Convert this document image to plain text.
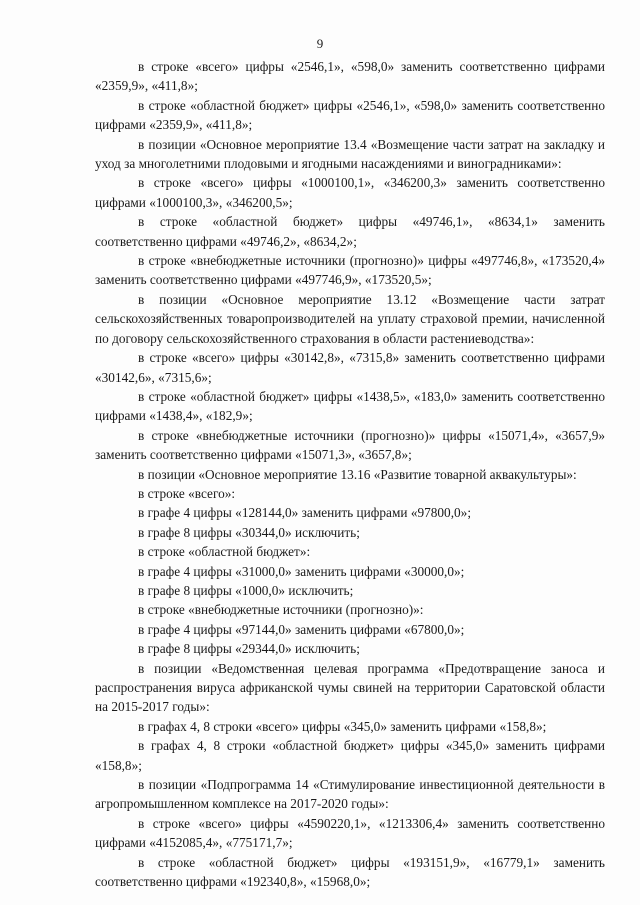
9

в строке «всего» цифры «2546,1», «598,0» заменить соответственно цифрами «2359,9», «411,8»;

в строке «областной бюджет» цифры «2546,1», «598,0» заменить соответственно цифрами «2359,9», «411,8»;

в позиции «Основное мероприятие 13.4 «Возмещение части затрат на закладку и уход за многолетними плодовыми и ягодными насаждениями и виноградниками»:

в строке «всего» цифры «1000100,1», «346200,3» заменить соответственно цифрами «1000100,3», «346200,5»;

в строке «областной бюджет» цифры «49746,1», «8634,1» заменить соответственно цифрами «49746,2», «8634,2»;

в строке «внебюджетные источники (прогнозно)» цифры «497746,8», «173520,4» заменить соответственно цифрами «497746,9», «173520,5»;

в позиции «Основное мероприятие 13.12 «Возмещение части затрат сельскохозяйственных товаропроизводителей на уплату страховой премии, начисленной по договору сельскохозяйственного страхования в области растениеводства»:

в строке «всего» цифры «30142,8», «7315,8» заменить соответственно цифрами «30142,6», «7315,6»;

в строке «областной бюджет» цифры «1438,5», «183,0» заменить соответственно цифрами «1438,4», «182,9»;

в строке «внебюджетные источники (прогнозно)» цифры «15071,4», «3657,9» заменить соответственно цифрами «15071,3», «3657,8»;

в позиции «Основное мероприятие 13.16 «Развитие товарной аквакультуры»:

в строке «всего»:

в графе 4 цифры «128144,0» заменить цифрами «97800,0»;

в графе 8 цифры «30344,0» исключить;

в строке «областной бюджет»:

в графе 4 цифры «31000,0» заменить цифрами «30000,0»;

в графе 8 цифры «1000,0» исключить;

в строке «внебюджетные источники (прогнозно)»:

в графе 4 цифры «97144,0» заменить цифрами «67800,0»;

в графе 8 цифры «29344,0» исключить;

в позиции «Ведомственная целевая программа «Предотвращение заноса и распространения вируса африканской чумы свиней на территории Саратовской области на 2015-2017 годы»:

в графах 4, 8 строки «всего» цифры «345,0» заменить цифрами «158,8»;

в графах 4, 8 строки «областной бюджет» цифры «345,0» заменить цифрами «158,8»;

в позиции «Подпрограмма 14 «Стимулирование инвестиционной деятельности в агропромышленном комплексе на 2017-2020 годы»:

в строке «всего» цифры «4590220,1», «1213306,4» заменить соответственно цифрами «4152085,4», «775171,7»;

в строке «областной бюджет» цифры «193151,9», «16779,1» заменить соответственно цифрами «192340,8», «15968,0»;
